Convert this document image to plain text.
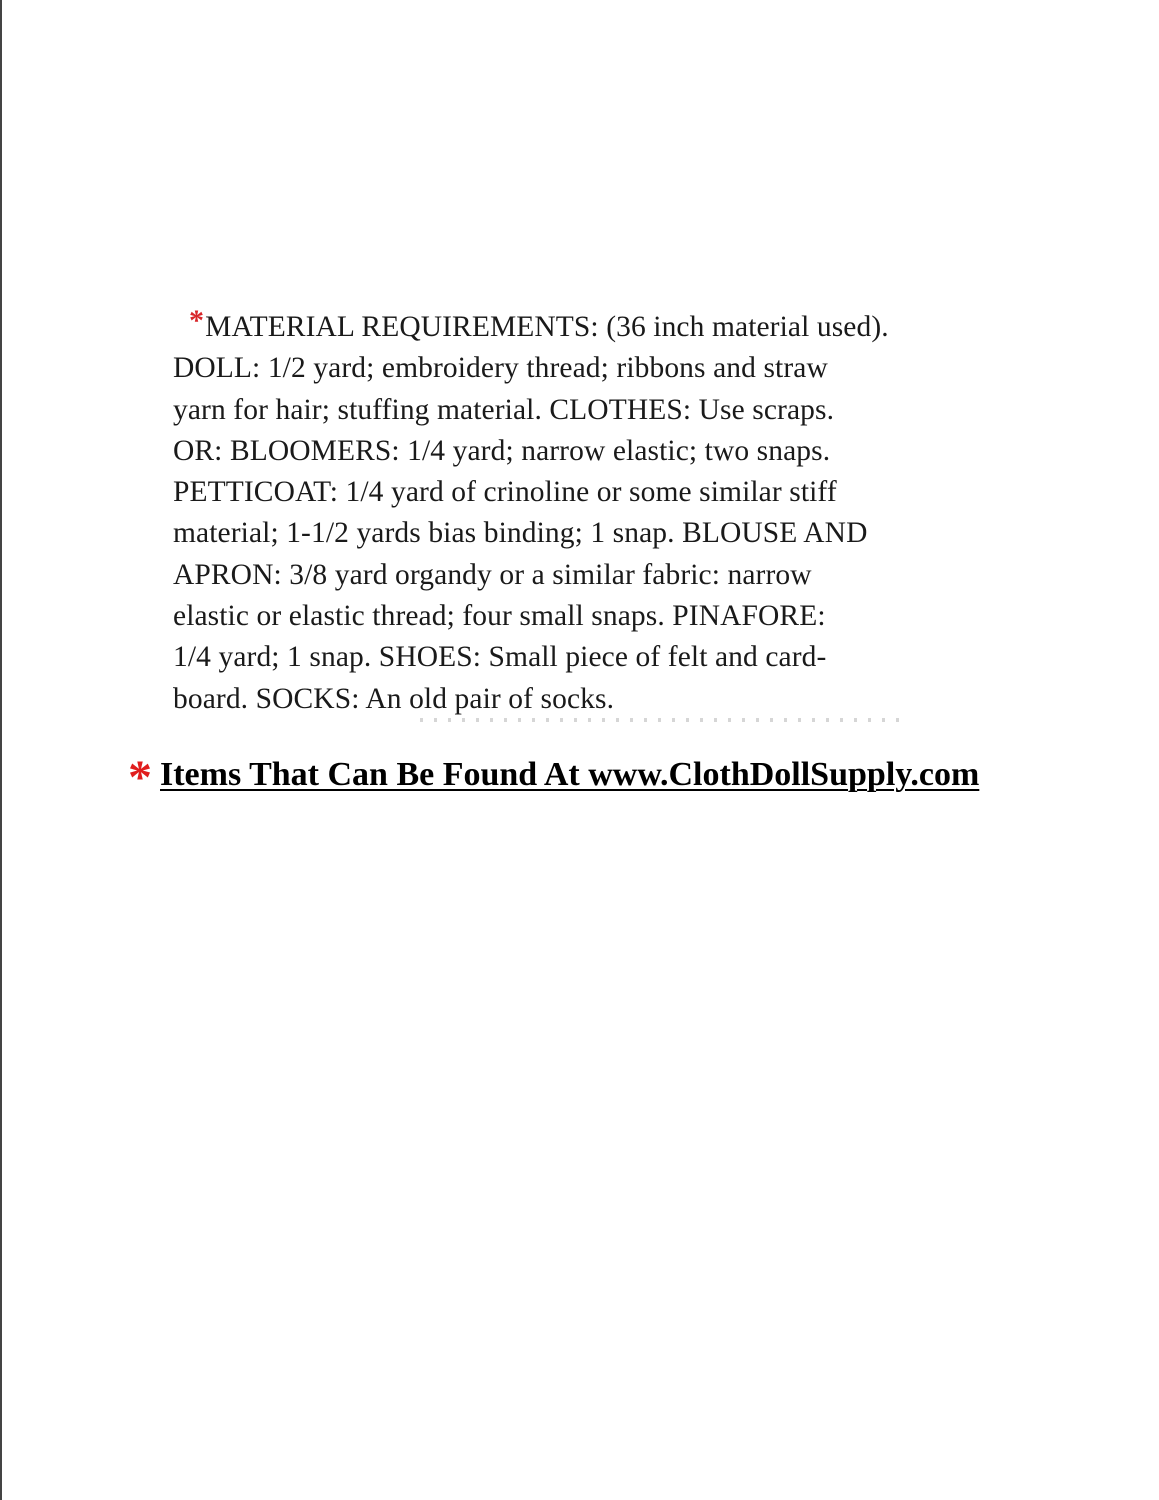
*MATERIAL REQUIREMENTS: (36 inch material used).
DOLL: 1/2 yard; embroidery thread; ribbons and straw
yarn for hair; stuffing material. CLOTHES: Use scraps.
OR: BLOOMERS: 1/4 yard; narrow elastic; two snaps.
PETTICOAT: 1/4 yard of crinoline or some similar stiff
material; 1-1/2 yards bias binding; 1 snap. BLOUSE AND
APRON: 3/8 yard organdy or a similar fabric: narrow
elastic or elastic thread; four small snaps. PINAFORE:
1/4 yard; 1 snap. SHOES: Small piece of felt and card-
board. SOCKS: An old pair of socks.
* Items That Can Be Found At www.ClothDollSupply.com
